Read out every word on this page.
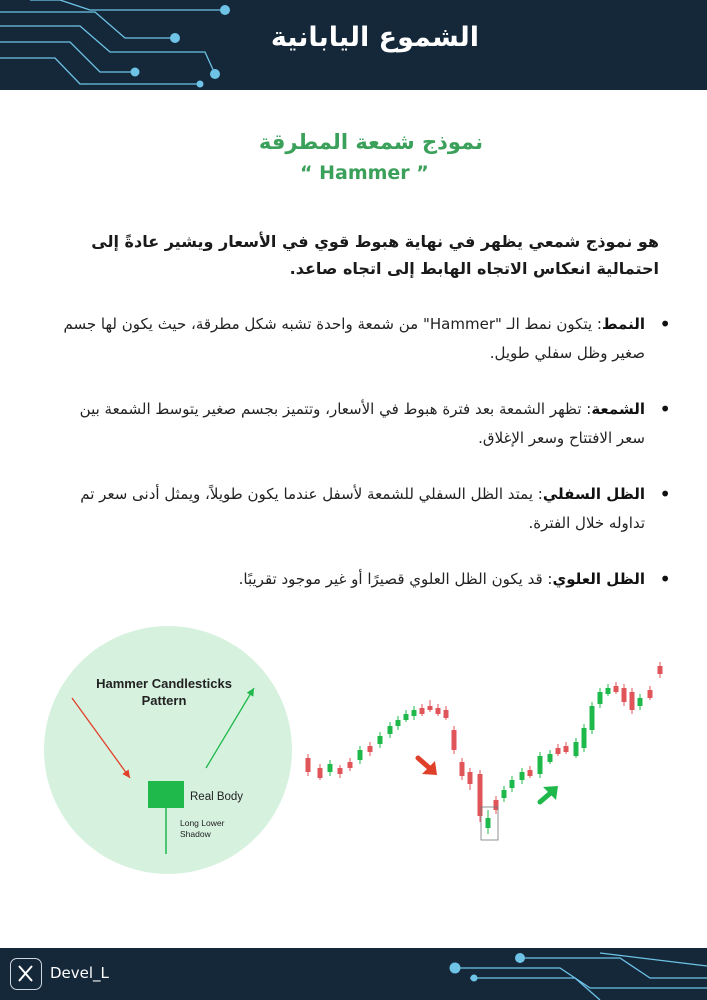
الشموع اليابانية
نموذج شمعة المطرقة
“ Hammer ”
هو نموذج شمعي يظهر في نهاية هبوط قوي في الأسعار ويشير عادةً إلى احتمالية انعكاس الاتجاه الهابط إلى اتجاه صاعد.
• النمط: يتكون نمط الـ "Hammer" من شمعة واحدة تشبه شكل مطرقة، حيث يكون لها جسم صغير وظل سفلي طويل.
• الشمعة: تظهر الشمعة بعد فترة هبوط في الأسعار، وتتميز بجسم صغير يتوسط الشمعة بين سعر الافتتاح وسعر الإغلاق.
• الظل السفلي: يمتد الظل السفلي للشمعة لأسفل عندما يكون طويلاً، ويمثل أدنى سعر تم تداوله خلال الفترة.
• الظل العلوي: قد يكون الظل العلوي قصيرًا أو غير موجود تقريبًا.
Hammer Candlesticks
Pattern
Real Body
Long Lower
Shadow
Devel_L
